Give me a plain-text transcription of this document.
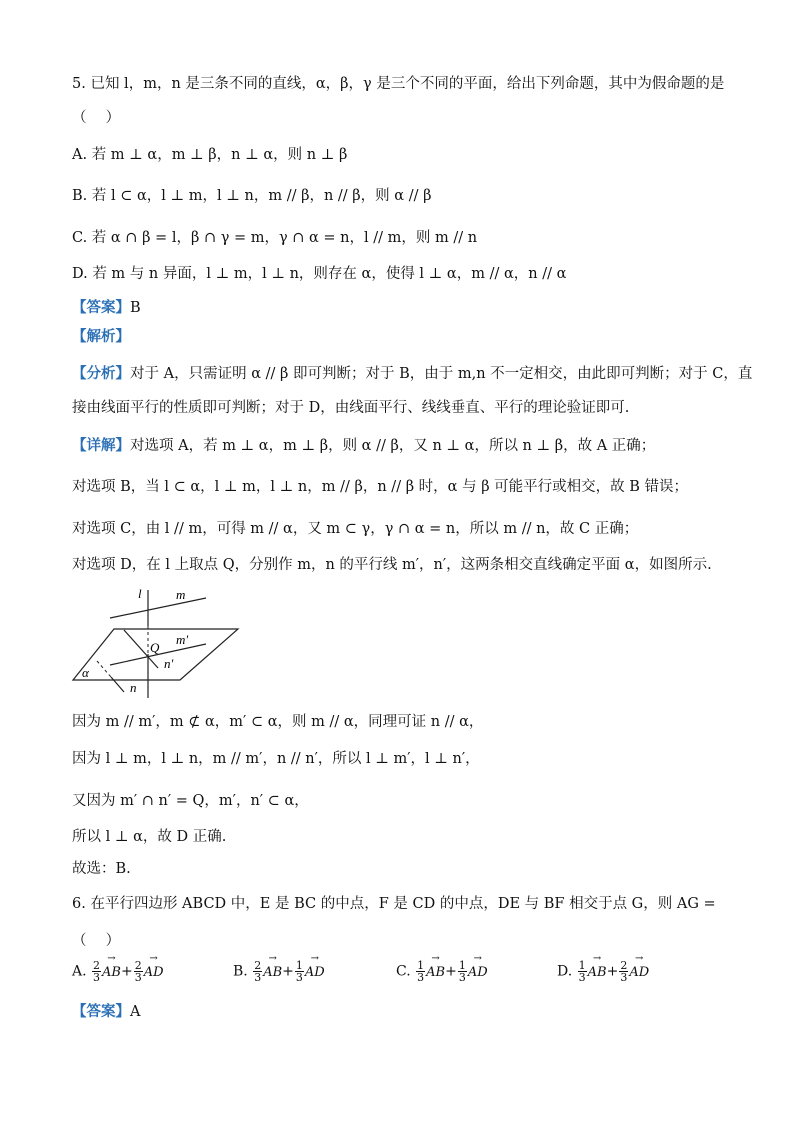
5. 已知 l，m，n 是三条不同的直线，α，β，γ 是三个不同的平面，给出下列命题，其中为假命题的是
（　 ）
A. 若 m ⊥ α，m ⊥ β，n ⊥ α，则 n ⊥ β
B. 若 l ⊂ α，l ⊥ m，l ⊥ n，m // β，n // β，则 α // β
C. 若 α ∩ β = l，β ∩ γ = m，γ ∩ α = n，l // m，则 m // n
D. 若 m 与 n 异面，l ⊥ m，l ⊥ n，则存在 α，使得 l ⊥ α，m // α，n // α
【答案】B
【解析】
【分析】对于 A，只需证明 α // β 即可判断；对于 B，由于 m,n 不一定相交，由此即可判断；对于 C，直
接由线面平行的性质即可判断；对于 D，由线面平行、线线垂直、平行的理论验证即可.
【详解】对选项 A，若 m ⊥ α，m ⊥ β，则 α // β，又 n ⊥ α，所以 n ⊥ β，故 A 正确；
对选项 B，当 l ⊂ α，l ⊥ m，l ⊥ n，m // β，n // β 时，α 与 β 可能平行或相交，故 B 错误；
对选项 C，由 l // m，可得 m // α，又 m ⊂ γ，γ ∩ α = n，所以 m // n，故 C 正确；
对选项 D，在 l 上取点 Q，分别作 m，n 的平行线 m′，n′，这两条相交直线确定平面 α，如图所示.
l	m
Q
m′
n′
α
n
因为 m // m′，m ⊄ α，m′ ⊂ α，则 m // α，同理可证 n // α，
因为 l ⊥ m，l ⊥ n，m // m′，n // n′，所以 l ⊥ m′，l ⊥ n′，
又因为 m′ ∩ n′ = Q，m′，n′ ⊂ α，
所以 l ⊥ α，故 D 正确.
故选：B.
6. 在平行四边形 ABCD 中，E 是 BC 的中点，F 是 CD 的中点，DE 与 BF 相交于点 G，则 AG =
（　 ）
A. $\frac{2}{3}$
→ $AB+ \frac{2}{3}$
→ AD	B. $\frac{2}{3}$
→ $AB+ \frac{1}{3}$
→ AD	C. $\frac{1}{3}$
→ $AB+ \frac{1}{3}$
→ AD	D. $\frac{1}{3}$
→ $AB+ \frac{2}{3}$
→ AD
【答案】A
